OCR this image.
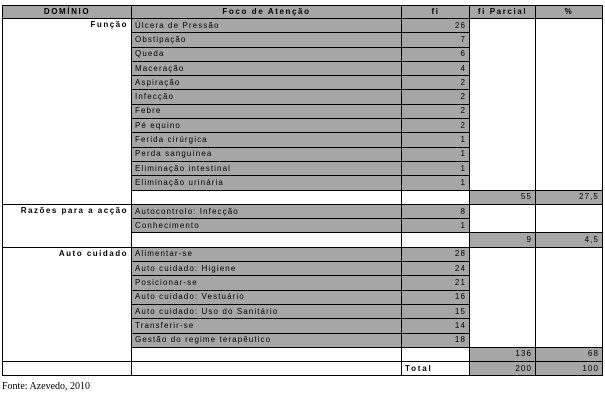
DOMÍNIO	Foco de Atenção	fi	fi Parcial	%
Função	Úlcera de Pressão	26		
	Obstipação	7		
	Queda	6		
	Maceração	4		
	Aspiração	2		
	Infecção	2		
	Febre	2		
	Pé equino	2		
	Ferida cirúrgica	1		
	Perda sanguínea	1		
	Eliminação intestinal	1		
	Eliminação urinária	1		
			55	27,5
Razões para a acção	Autocontrolo: Infecção	8		
	Conhecimento	1		
			9	4,5
Auto cuidado	Alimentar-se	28		
	Auto cuidado: Higiene	24		
	Posicionar-se	21		
	Auto cuidado: Vestuário	16		
	Auto cuidado: Uso do Sanitário	15		
	Transferir-se	14		
	Gestão do regime terapêutico	18		
			136	68
		Total	200	100
Fonte: Azevedo, 2010
